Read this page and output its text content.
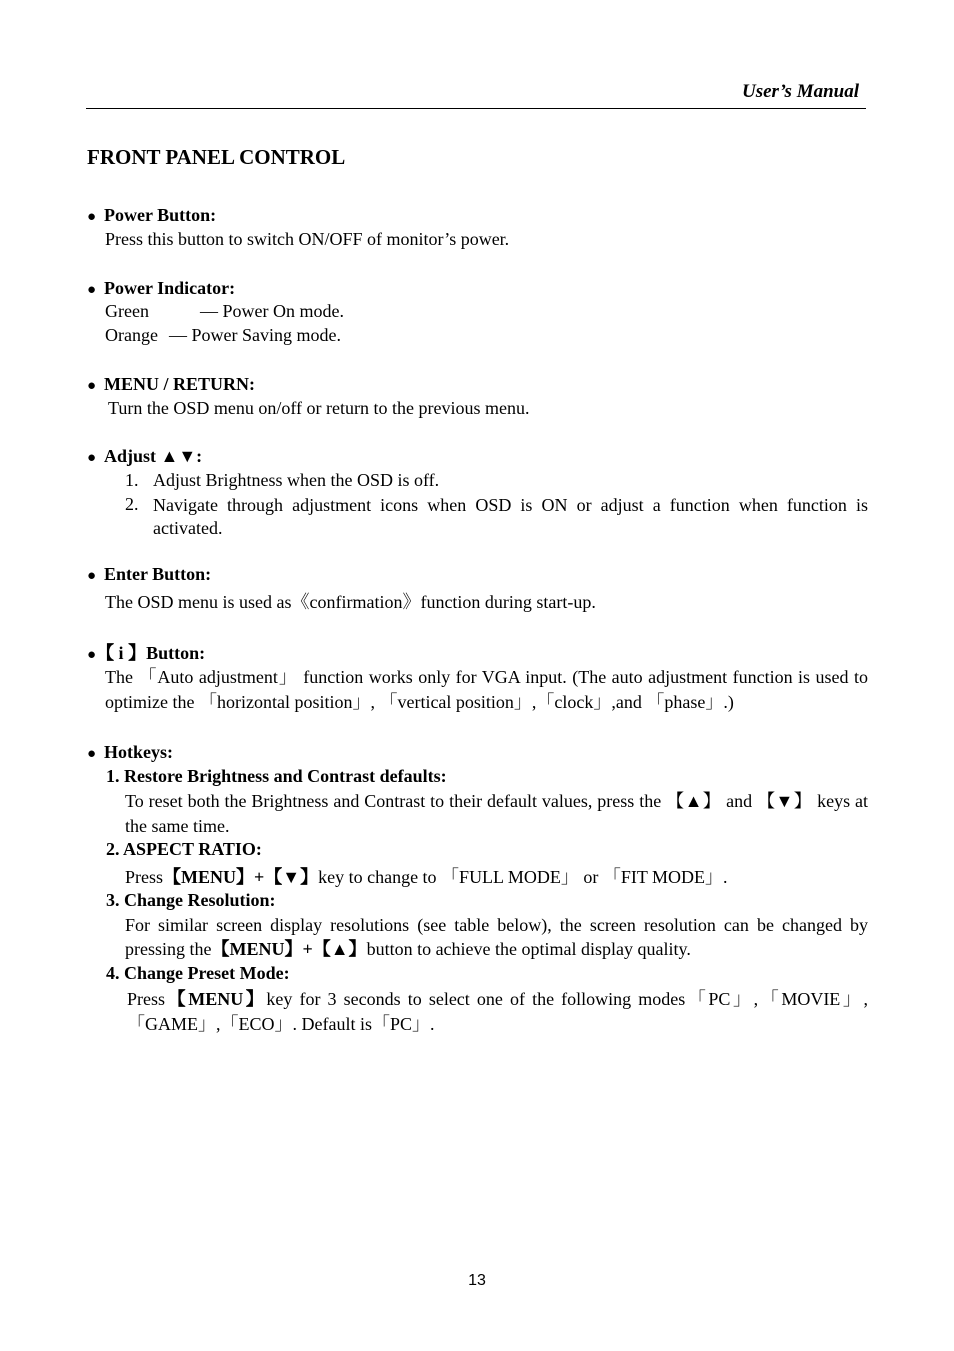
User’s Manual
FRONT PANEL CONTROL
● Power Button:
Press this button to switch ON/OFF of monitor’s power.
● Power Indicator:
Green	— Power On mode.
Orange — Power Saving mode.
● MENU / RETURN:
Turn the OSD menu on/off or return to the previous menu.
● Adjust ▲▼:
1. Adjust Brightness when the OSD is off.
2. Navigate through adjustment icons when OSD is ON or adjust a function when function is activated.
● Enter Button:
The OSD menu is used as《confirmation》function during start-up.
●【 i 】Button:
The 「Auto adjustment」 function works only for VGA input. (The auto adjustment function is used to optimize the 「horizontal position」, 「vertical position」,「clock」,and 「phase」.)
● Hotkeys:
1. Restore Brightness and Contrast defaults:
To reset both the Brightness and Contrast to their default values, press the 【▲】 and 【▼】 keys at the same time.
2. ASPECT RATIO:
Press【MENU】+【▼】key to change to 「FULL MODE」 or 「FIT MODE」.
3. Change Resolution:
For similar screen display resolutions (see table below), the screen resolution can be changed by pressing the【MENU】+【▲】button to achieve the optimal display quality.
4. Change Preset Mode:
Press【MENU】key for 3 seconds to select one of the following modes「PC」,「MOVIE」,「GAME」,「ECO」. Default is「PC」.
13
